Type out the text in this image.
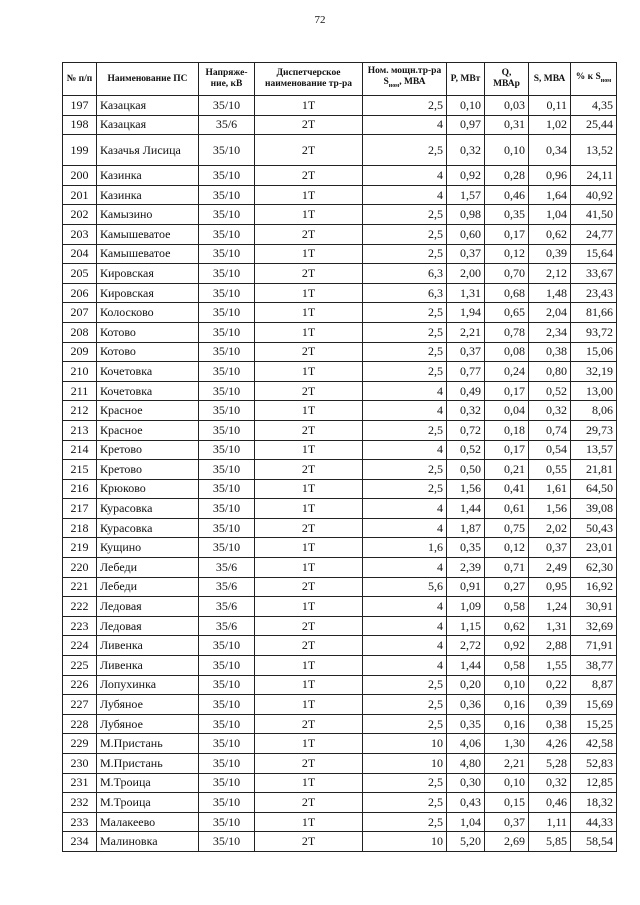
72
№ п/п	Наименование ПС	Напряже-ние, кВ	Диспетчерское наименование тр-ра	Ном. мощн.тр-ра $S_{ном}$, МВА	P, МВт	Q, МВАр	S, МВА	% к $S_{ном}$
197	Казацкая	35/10	1Т	2,5	0,10	0,03	0,11	4,35
198	Казацкая	35/6	2Т	4	0,97	0,31	1,02	25,44
199	Казачья Лисица	35/10	2Т	2,5	0,32	0,10	0,34	13,52
200	Казинка	35/10	2Т	4	0,92	0,28	0,96	24,11
201	Казинка	35/10	1Т	4	1,57	0,46	1,64	40,92
202	Камызино	35/10	1Т	2,5	0,98	0,35	1,04	41,50
203	Камышеватое	35/10	2Т	2,5	0,60	0,17	0,62	24,77
204	Камышеватое	35/10	1Т	2,5	0,37	0,12	0,39	15,64
205	Кировская	35/10	2Т	6,3	2,00	0,70	2,12	33,67
206	Кировская	35/10	1Т	6,3	1,31	0,68	1,48	23,43
207	Колосково	35/10	1Т	2,5	1,94	0,65	2,04	81,66
208	Котово	35/10	1Т	2,5	2,21	0,78	2,34	93,72
209	Котово	35/10	2Т	2,5	0,37	0,08	0,38	15,06
210	Кочетовка	35/10	1Т	2,5	0,77	0,24	0,80	32,19
211	Кочетовка	35/10	2Т	4	0,49	0,17	0,52	13,00
212	Красное	35/10	1Т	4	0,32	0,04	0,32	8,06
213	Красное	35/10	2Т	2,5	0,72	0,18	0,74	29,73
214	Кретово	35/10	1Т	4	0,52	0,17	0,54	13,57
215	Кретово	35/10	2Т	2,5	0,50	0,21	0,55	21,81
216	Крюково	35/10	1Т	2,5	1,56	0,41	1,61	64,50
217	Курасовка	35/10	1Т	4	1,44	0,61	1,56	39,08
218	Курасовка	35/10	2Т	4	1,87	0,75	2,02	50,43
219	Кущино	35/10	1Т	1,6	0,35	0,12	0,37	23,01
220	Лебеди	35/6	1Т	4	2,39	0,71	2,49	62,30
221	Лебеди	35/6	2Т	5,6	0,91	0,27	0,95	16,92
222	Ледовая	35/6	1Т	4	1,09	0,58	1,24	30,91
223	Ледовая	35/6	2Т	4	1,15	0,62	1,31	32,69
224	Ливенка	35/10	2Т	4	2,72	0,92	2,88	71,91
225	Ливенка	35/10	1Т	4	1,44	0,58	1,55	38,77
226	Лопухинка	35/10	1Т	2,5	0,20	0,10	0,22	8,87
227	Лубяное	35/10	1Т	2,5	0,36	0,16	0,39	15,69
228	Лубяное	35/10	2Т	2,5	0,35	0,16	0,38	15,25
229	М.Пристань	35/10	1Т	10	4,06	1,30	4,26	42,58
230	М.Пристань	35/10	2Т	10	4,80	2,21	5,28	52,83
231	М.Троица	35/10	1Т	2,5	0,30	0,10	0,32	12,85
232	М.Троица	35/10	2Т	2,5	0,43	0,15	0,46	18,32
233	Малакеево	35/10	1Т	2,5	1,04	0,37	1,11	44,33
234	Малиновка	35/10	2Т	10	5,20	2,69	5,85	58,54
